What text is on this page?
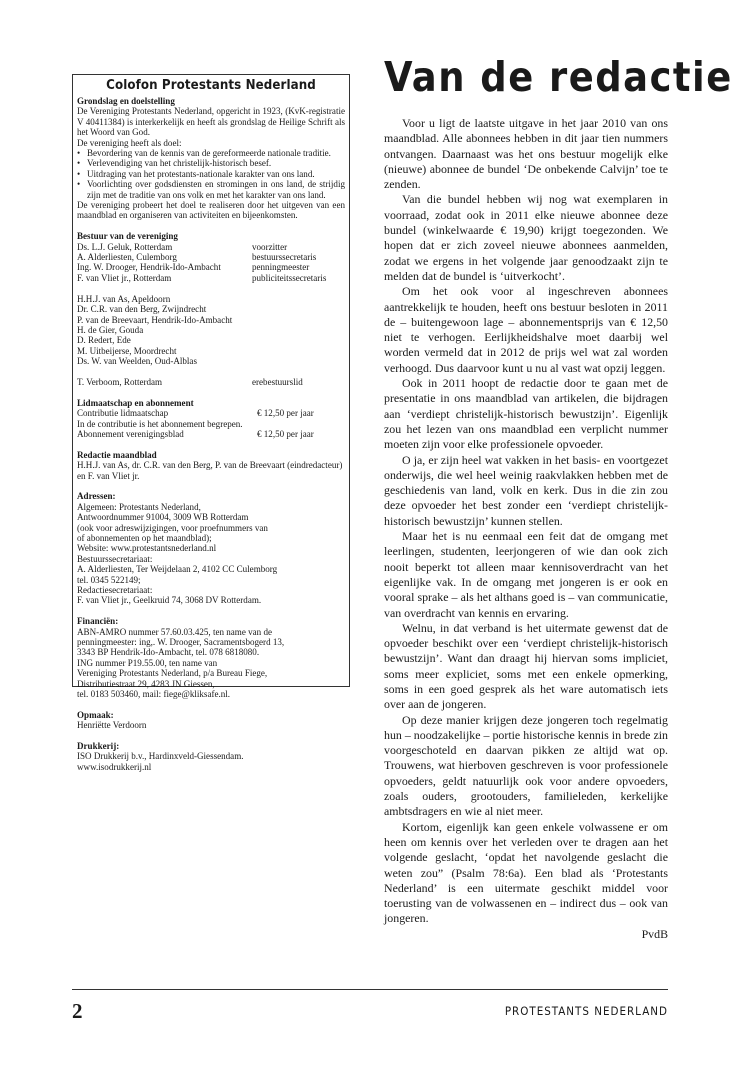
Colofon Protestants Nederland

Grondslag en doelstelling

De Vereniging Protestants Nederland, opgericht in 1923, (KvK-registratie V 40411384) is interkerkelijk en heeft als grondslag de Heilige Schrift als het Woord van God.

De vereniging heeft als doel:

• Bevordering van de kennis van de gereformeerde nationale traditie.
• Verlevendiging van het christelijk-historisch besef.
• Uitdraging van het protestants-nationale karakter van ons land.
• Voorlichting over godsdiensten en stromingen in ons land, de strijdig zijn met de traditie van ons volk en met het karakter van ons land.

De vereniging probeert het doel te realiseren door het uitgeven van een maandblad en organiseren van activiteiten en bijeenkomsten.

Bestuur van de vereniging

Ds. L.J. Geluk, Rotterdam	voorzitter
A. Alderliesten, Culemborg	bestuurssecretaris
Ing. W. Drooger, Hendrik-Ido-Ambacht	penningmeester
F. van Vliet jr., Rotterdam	publiciteitssecretaris

H.H.J. van As, Apeldoorn

Dr. C.R. van den Berg, Zwijndrecht

P. van de Breevaart, Hendrik-Ido-Ambacht

H. de Gier, Gouda

D. Redert, Ede

M. Uitbeijerse, Moordrecht

Ds. W. van Weelden, Oud-Alblas

T. Verboom, Rotterdam	erebestuurslid

Lidmaatschap en abonnement

Contributie lidmaatschap	€ 12,50 per jaar

In de contributie is het abonnement begrepen.

Abonnement verenigingsblad	€ 12,50 per jaar

Redactie maandblad

H.H.J. van As, dr. C.R. van den Berg, P. van de Breevaart (eindredacteur) en F. van Vliet jr.

Adressen:

Algemeen: Protestants Nederland,

Antwoordnummer 91004, 3009 WB Rotterdam

(ook voor adreswijzigingen, voor proefnummers van

of abonnementen op het maandblad);

Website: www.protestantsnederland.nl

Bestuurssecretariaat:

A. Alderliesten, Ter Weijdelaan 2, 4102 CC Culemborg

tel. 0345 522149;

Redactiesecretariaat:

F. van Vliet jr., Geelkruid 74, 3068 DV Rotterdam.

Financiën:

ABN-AMRO nummer 57.60.03.425, ten name van de

penningmeester: ing,. W. Drooger, Sacramentsbogerd 13,

3343 BP Hendrik-Ido-Ambacht, tel. 078 6818080.

ING nummer P19.55.00, ten name van

Vereniging Protestants Nederland, p/a Bureau Fiege,

Distributiestraat 29, 4283 JN Giessen,

tel. 0183 503460, mail: fiege@kliksafe.nl.

Opmaak:

Henriëtte Verdoorn

Drukkerij:

ISO Drukkerij b.v., Hardinxveld-Giessendam.

www.isodrukkerij.nl

Van de redactie

Voor u ligt de laatste uitgave in het jaar 2010 van ons maandblad. Alle abonnees hebben in dit jaar tien nummers ontvangen. Daarnaast was het ons bestuur mogelijk elke (nieuwe) abonnee de bundel ‘De onbekende Calvijn’ toe te zenden.

Van die bundel hebben wij nog wat exemplaren in voorraad, zodat ook in 2011 elke nieuwe abonnee deze bundel (winkelwaarde € 19,90) krijgt toegezonden. We hopen dat er zich zoveel nieuwe abonnees aanmelden, zodat we ergens in het volgende jaar genoodzaakt zijn te melden dat de bundel is ‘uitverkocht’.

Om het ook voor al ingeschreven abonnees aantrekkelijk te houden, heeft ons bestuur besloten in 2011 de – buitengewoon lage – abonnementsprijs van € 12,50 niet te verhogen. Eerlijkheidshalve moet daarbij wel worden vermeld dat in 2012 de prijs wel wat zal worden verhoogd. Dus daarvoor kunt u nu al vast wat opzij leggen.

Ook in 2011 hoopt de redactie door te gaan met de presentatie in ons maandblad van artikelen, die bijdragen aan ‘verdiept christelijk-historisch bewustzijn’. Eigenlijk zou het lezen van ons maandblad een verplicht nummer moeten zijn voor elke professionele opvoeder.

O ja, er zijn heel wat vakken in het basis- en voortgezet onderwijs, die wel heel weinig raakvlakken hebben met de geschiedenis van land, volk en kerk. Dus in die zin zou deze opvoeder het best zonder een ‘verdiept christelijk-historisch bewustzijn’ kunnen stellen.

Maar het is nu eenmaal een feit dat de omgang met leerlingen, studenten, leerjongeren of wie dan ook zich nooit beperkt tot alleen maar kennisoverdracht van het eigenlijke vak. In de omgang met jongeren is er ook en vooral sprake – als het althans goed is – van communicatie, van overdracht van kennis en ervaring.

Welnu, in dat verband is het uitermate gewenst dat de opvoeder beschikt over een ‘verdiept christelijk-historisch bewustzijn’. Want dan draagt hij hiervan soms impliciet, soms meer expliciet, soms met een enkele opmerking, soms in een goed gesprek als het ware automatisch iets over aan de jongeren.

Op deze manier krijgen deze jongeren toch regelmatig hun – noodzakelijke – portie historische kennis in brede zin voorgeschoteld en daarvan pikken ze altijd wat op. Trouwens, wat hierboven geschreven is voor professionele opvoeders, geldt natuurlijk ook voor andere opvoeders, zoals ouders, grootouders, familieleden, kerkelijke ambtsdragers en wie al niet meer.

Kortom, eigenlijk kan geen enkele volwassene er om heen om kennis over het verleden over te dragen aan het volgende geslacht, ‘opdat het navolgende geslacht die weten zou” (Psalm 78:6a). Een blad als ‘Protestants Nederland’ is een uitermate geschikt middel voor toerusting van de volwassenen en – indirect dus – ook van jongeren.

PvdB

2	PROTESTANTS NEDERLAND
